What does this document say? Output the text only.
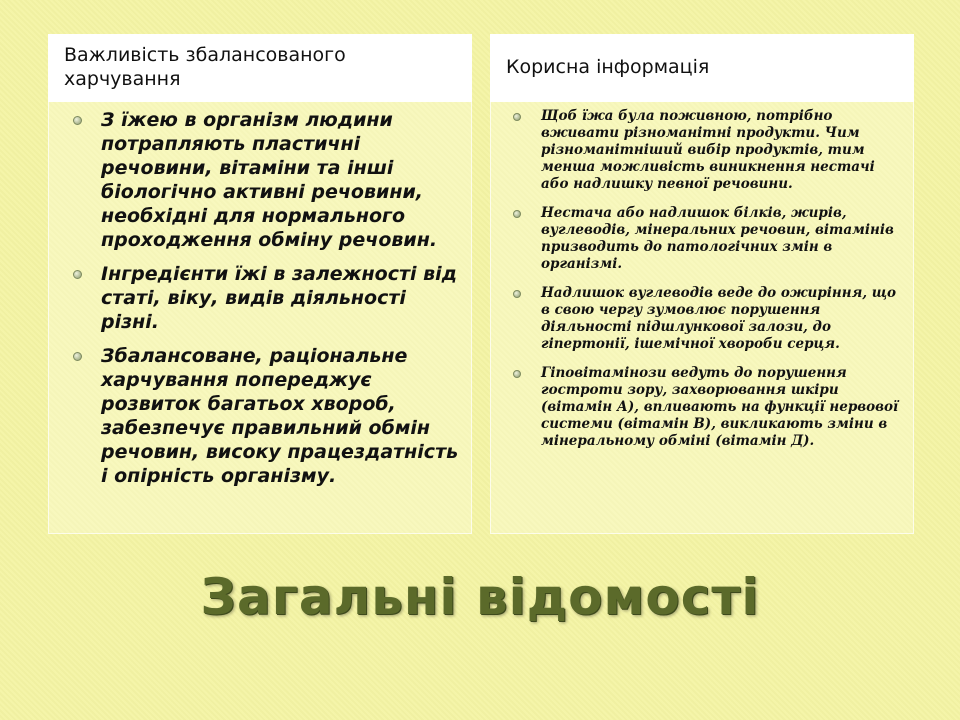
Важливість збалансованого харчування
З їжею в організм людини потрапляють пластичні речовини, вітаміни та інші біологічно активні речовини, необхідні для нормального проходження обміну речовин.
Інгредієнти їжі в залежності від статі, віку, видів діяльності різні.
Збалансоване, раціональне харчування попереджує розвиток багатьох хвороб, забезпечує правильний обмін речовин, високу працездатність і опірність організму.
Корисна інформація
Щоб їжа була поживною, потрібно вживати різноманітні продукти. Чим різноманітніший вибір продуктів, тим менша можливість виникнення нестачі або надлишку певної речовини.
Нестача або надлишок білків, жирів, вуглеводів, мінеральних речовин, вітамінів призводить до патологічних змін в організмі.
Надлишок вуглеводів веде до ожиріння, що в свою чергу зумовлює порушення діяльності підшлункової залози, до гіпертонії, ішемічної хвороби серця.
Гіповітамінози ведуть до порушення гостроти зору, захворювання шкіри (вітамін А), впливають на функції нервової системи (вітамін В), викликають зміни в мінеральному обміні (вітамін Д).
Загальні відомості
